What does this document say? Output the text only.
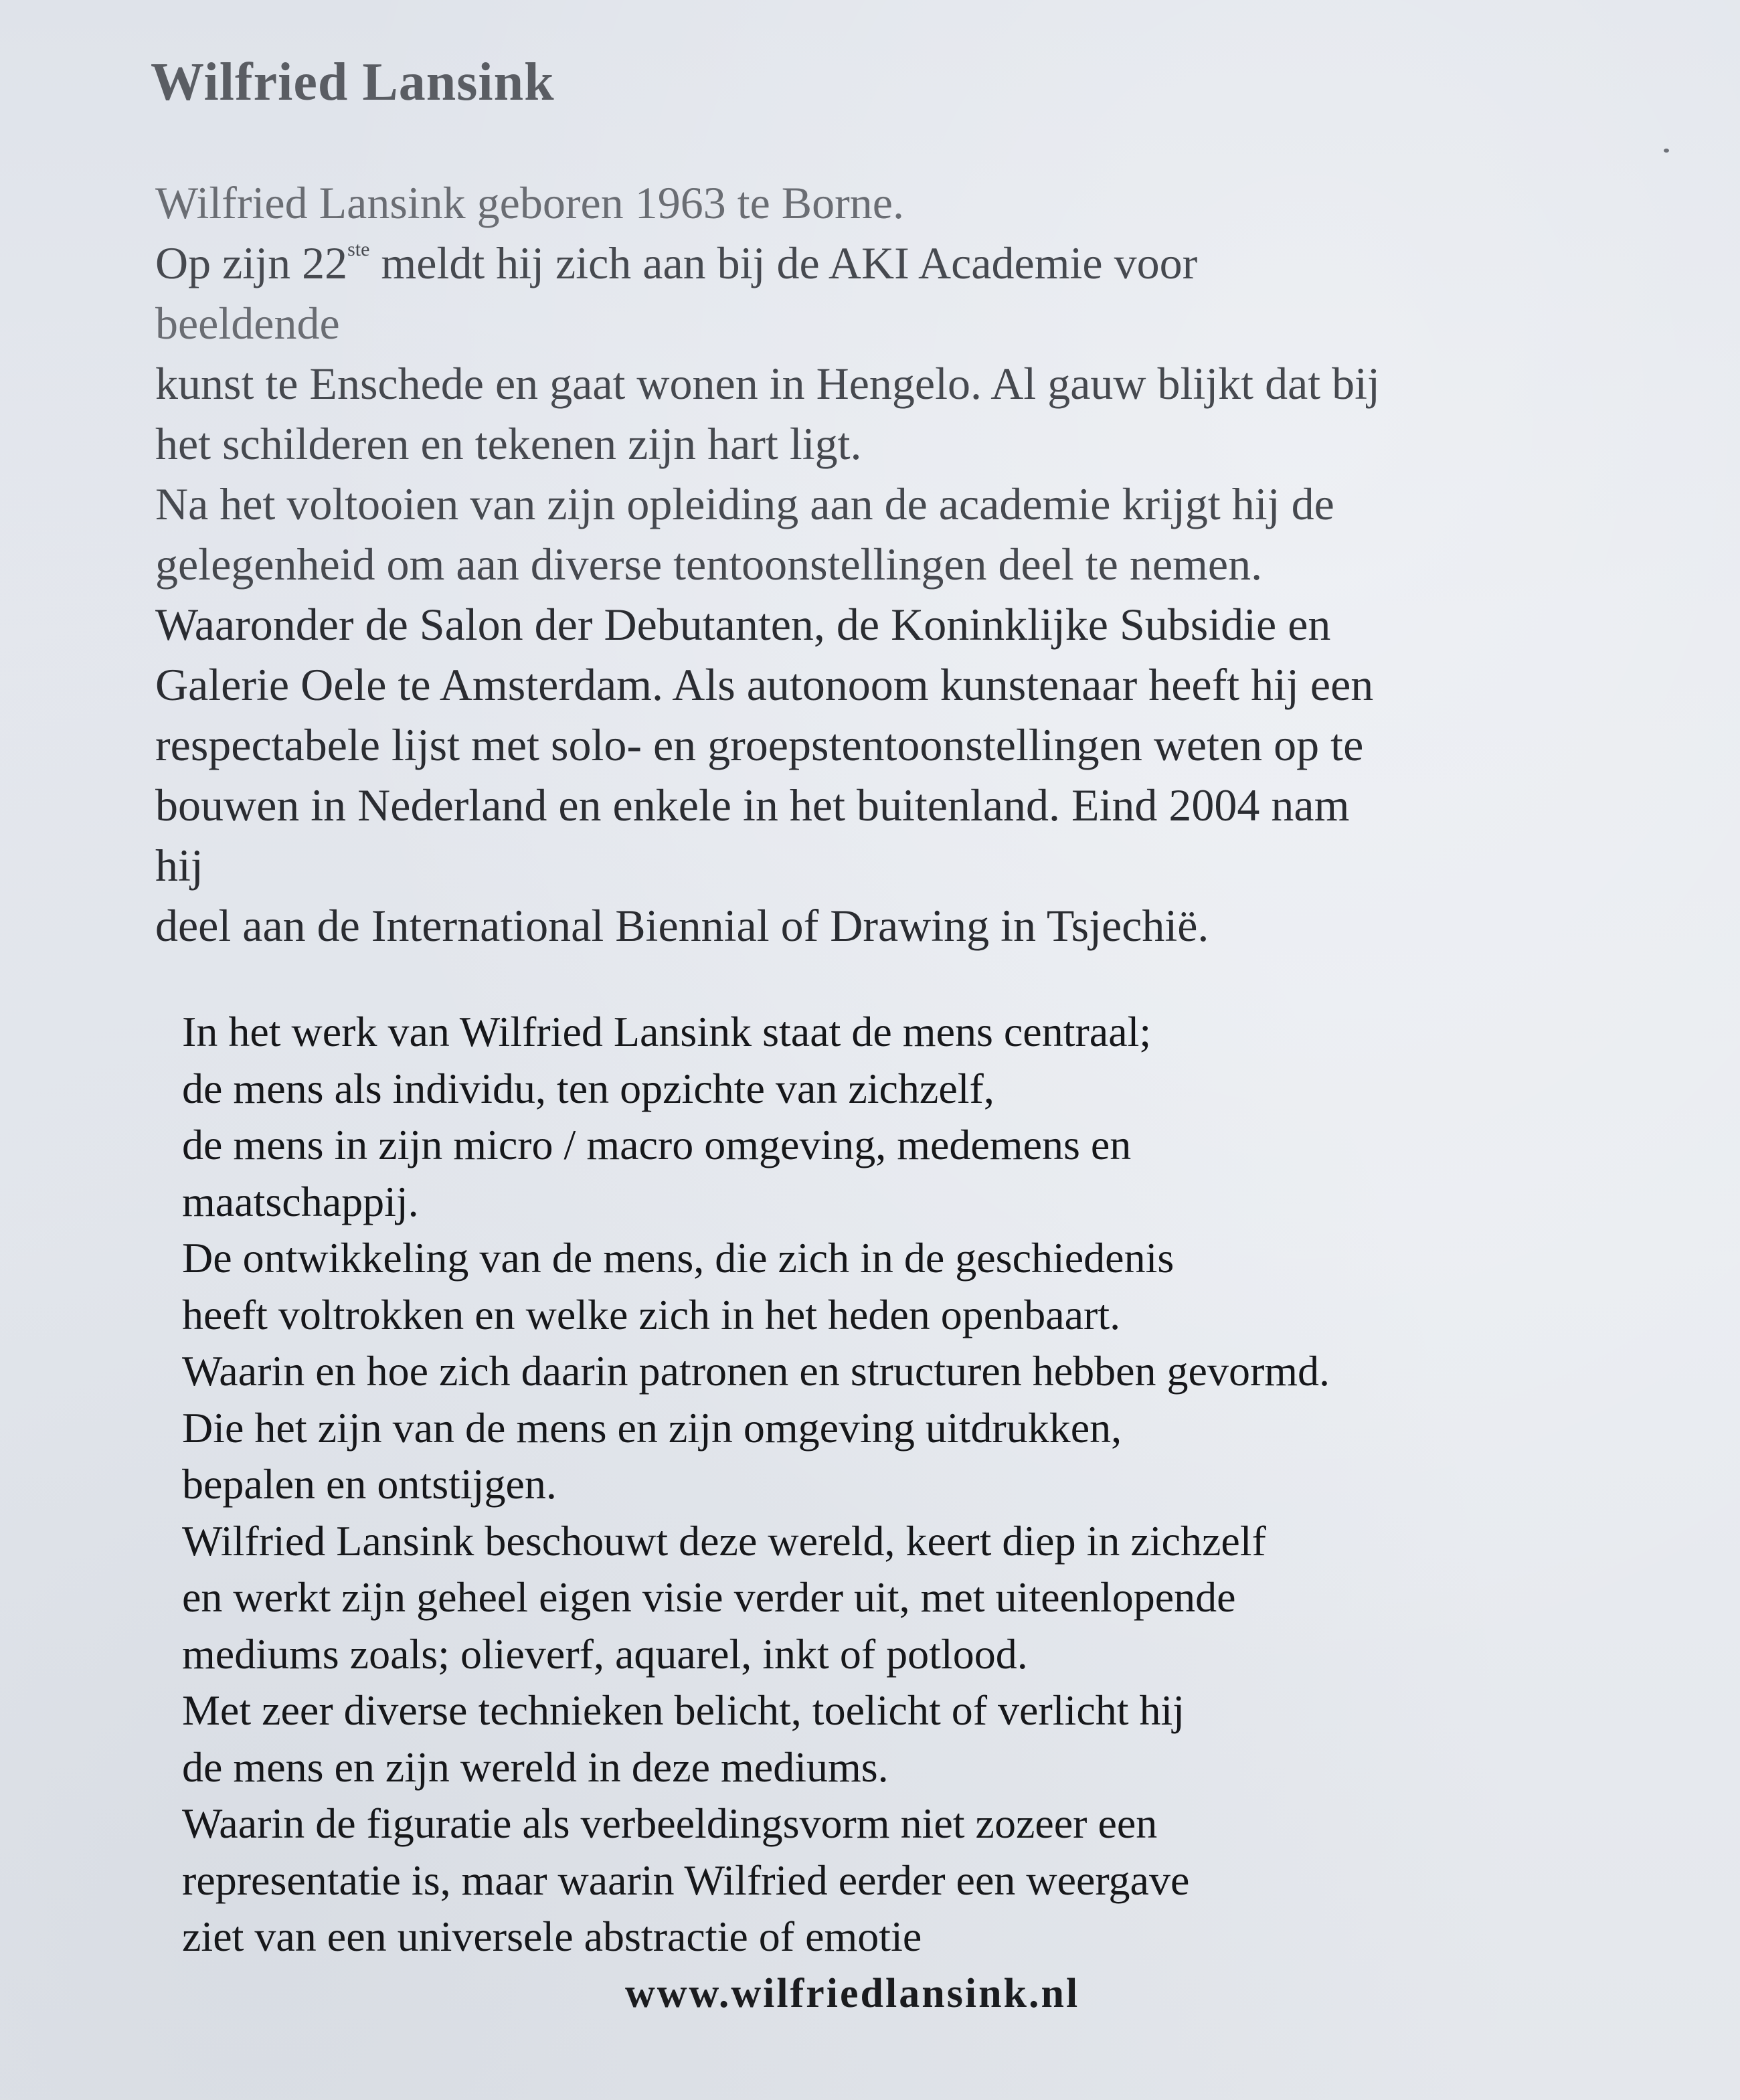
Wilfried Lansink
Wilfried Lansink geboren 1963 te Borne.
Op zijn 22ste meldt hij zich aan bij de AKI Academie voor
beeldende
kunst te Enschede en gaat wonen in Hengelo. Al gauw blijkt dat bij
het schilderen en tekenen zijn hart ligt.
Na het voltooien van zijn opleiding aan de academie krijgt hij de
gelegenheid om aan diverse tentoonstellingen deel te nemen.
Waaronder de Salon der Debutanten, de Koninklijke Subsidie en
Galerie Oele te Amsterdam. Als autonoom kunstenaar heeft hij een
respectabele lijst met solo- en groepstentoonstellingen weten op te
bouwen in Nederland en enkele in het buitenland. Eind 2004 nam
hij
deel aan de International Biennial of Drawing in Tsjechië.
In het werk van Wilfried Lansink staat de mens centraal;
de mens als individu, ten opzichte van zichzelf,
de mens in zijn micro / macro omgeving, medemens en
maatschappij.
De ontwikkeling van de mens, die zich in de geschiedenis
heeft voltrokken en welke zich in het heden openbaart.
Waarin en hoe zich daarin patronen en structuren hebben gevormd.
Die het zijn van de mens en zijn omgeving uitdrukken,
bepalen en ontstijgen.
Wilfried Lansink beschouwt deze wereld, keert diep in zichzelf
en werkt zijn geheel eigen visie verder uit, met uiteenlopende
mediums zoals; olieverf, aquarel, inkt of potlood.
Met zeer diverse technieken belicht, toelicht of verlicht hij
de mens en zijn wereld in deze mediums.
Waarin de figuratie als verbeeldingsvorm niet zozeer een
representatie is, maar waarin Wilfried eerder een weergave
ziet van een universele abstractie of emotie
www.wilfriedlansink.nl
